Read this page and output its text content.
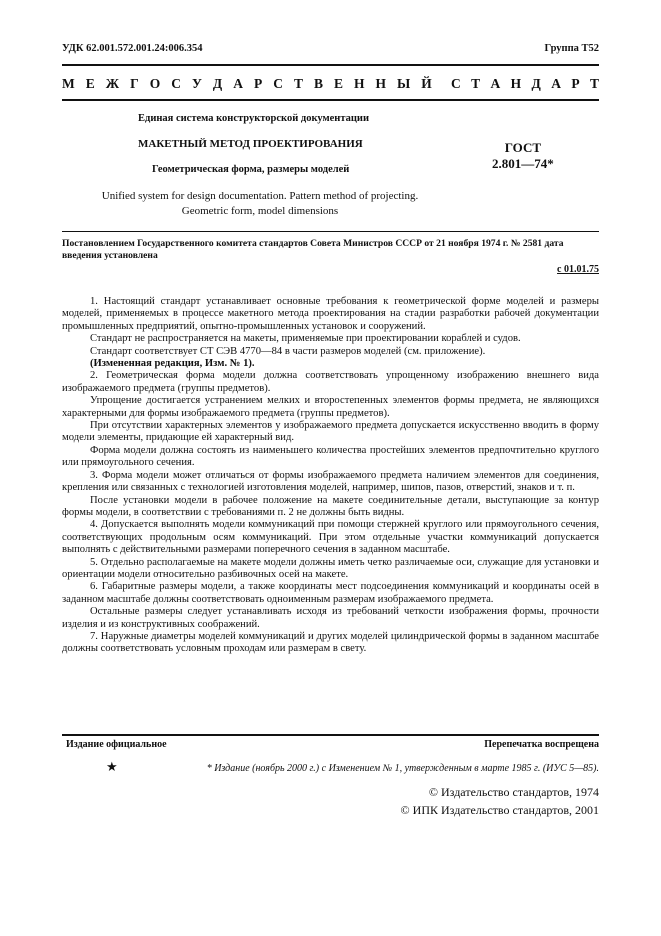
УДК 62.001.572.001.24:006.354	Группа Т52
М Е Ж Г О С У Д А Р С Т В Е Н Н Ы Й С Т А Н Д А Р Т
Единая система конструкторской документации
МАКЕТНЫЙ МЕТОД ПРОЕКТИРОВАНИЯ
Геометрическая форма, размеры моделей
ГОСТ
2.801—74*
Unified system for design documentation. Pattern method of projecting.
Geometric form, model dimensions
Постановлением Государственного комитета стандартов Совета Министров СССР от 21 ноября 1974 г. № 2581 дата введения установлена
с 01.01.75

1. Настоящий стандарт устанавливает основные требования к геометрической форме моделей и размеры моделей, применяемых в процессе макетного метода проектирования на стадии разработки рабочей документации промышленных предприятий, опытно-промышленных установок и сооружений.

Стандарт не распространяется на макеты, применяемые при проектировании кораблей и судов.

Стандарт соответствует СТ СЭВ 4770—84 в части размеров моделей (см. приложение).

(Измененная редакция, Изм. № 1).

2. Геометрическая форма модели должна соответствовать упрощенному изображению внешнего вида изображаемого предмета (группы предметов).

Упрощение достигается устранением мелких и второстепенных элементов формы предмета, не являющихся характерными для формы изображаемого предмета (группы предметов).

При отсутствии характерных элементов у изображаемого предмета допускается искусственно вводить в форму модели элементы, придающие ей характерный вид.

Форма модели должна состоять из наименьшего количества простейших элементов предпочтительно круглого или прямоугольного сечения.

3. Форма модели может отличаться от формы изображаемого предмета наличием элементов для соединения, крепления или связанных с технологией изготовления моделей, например, шипов, пазов, отверстий, знаков и т. п.

После установки модели в рабочее положение на макете соединительные детали, выступающие за контур формы модели, в соответствии с требованиями п. 2 не должны быть видны.

4. Допускается выполнять модели коммуникаций при помощи стержней круглого или прямоугольного сечения, соответствующих продольным осям коммуникаций. При этом отдельные участки коммуникаций допускается выполнять с действительными размерами поперечного сечения в заданном масштабе.

5. Отдельно располагаемые на макете модели должны иметь четко различаемые оси, служащие для установки и ориентации модели относительно разбивочных осей на макете.

6. Габаритные размеры модели, а также координаты мест подсоединения коммуникаций и координаты осей в заданном масштабе должны соответствовать одноименным размерам изображаемого предмета.

Остальные размеры следует устанавливать исходя из требований четкости изображения формы, прочности изделия и из конструктивных соображений.

7. Наружные диаметры моделей коммуникаций и других моделей цилиндрической формы в заданном масштабе должны соответствовать условным проходам или размерам в свету.

Издание официальное	Перепечатка воспрещена
★	* Издание (ноябрь 2000 г.) с Изменением № 1, утвержденным в марте 1985 г. (ИУС 5—85).
© Издательство стандартов, 1974
© ИПК Издательство стандартов, 2001
